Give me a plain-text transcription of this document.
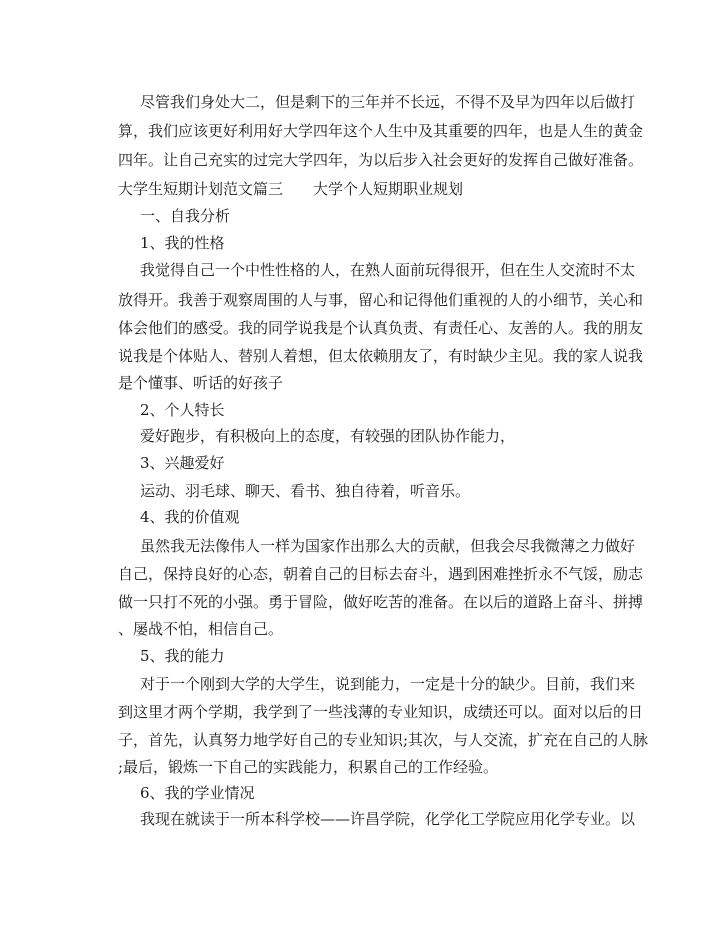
尽管我们身处大二，但是剩下的三年并不长远，不得不及早为四年以后做打
算，我们应该更好利用好大学四年这个人生中及其重要的四年，也是人生的黄金
四年。让自己充实的过完大学四年，为以后步入社会更好的发挥自己做好准备。
大学生短期计划范文篇三 大学个人短期职业规划
一、自我分析
1、我的性格
我觉得自己一个中性性格的人，在熟人面前玩得很开，但在生人交流时不太
放得开。我善于观察周围的人与事，留心和记得他们重视的人的小细节，关心和
体会他们的感受。我的同学说我是个认真负责、有责任心、友善的人。我的朋友
说我是个体贴人、替别人着想，但太依赖朋友了，有时缺少主见。我的家人说我
是个懂事、听话的好孩子
2、个人特长
爱好跑步，有积极向上的态度，有较强的团队协作能力，
3、兴趣爱好
运动、羽毛球、聊天、看书、独自待着，听音乐。
4、我的价值观
虽然我无法像伟人一样为国家作出那么大的贡献，但我会尽我微薄之力做好
自己，保持良好的心态，朝着自己的目标去奋斗，遇到困难挫折永不气馁，励志
做一只打不死的小强。勇于冒险，做好吃苦的准备。在以后的道路上奋斗、拼搏
、屡战不怕，相信自己。
5、我的能力
对于一个刚到大学的大学生，说到能力，一定是十分的缺少。目前，我们来
到这里才两个学期，我学到了一些浅薄的专业知识，成绩还可以。面对以后的日
子，首先，认真努力地学好自己的专业知识;其次，与人交流，扩充在自己的人脉
;最后，锻炼一下自己的实践能力，积累自己的工作经验。
6、我的学业情况
我现在就读于一所本科学校——许昌学院，化学化工学院应用化学专业。以
